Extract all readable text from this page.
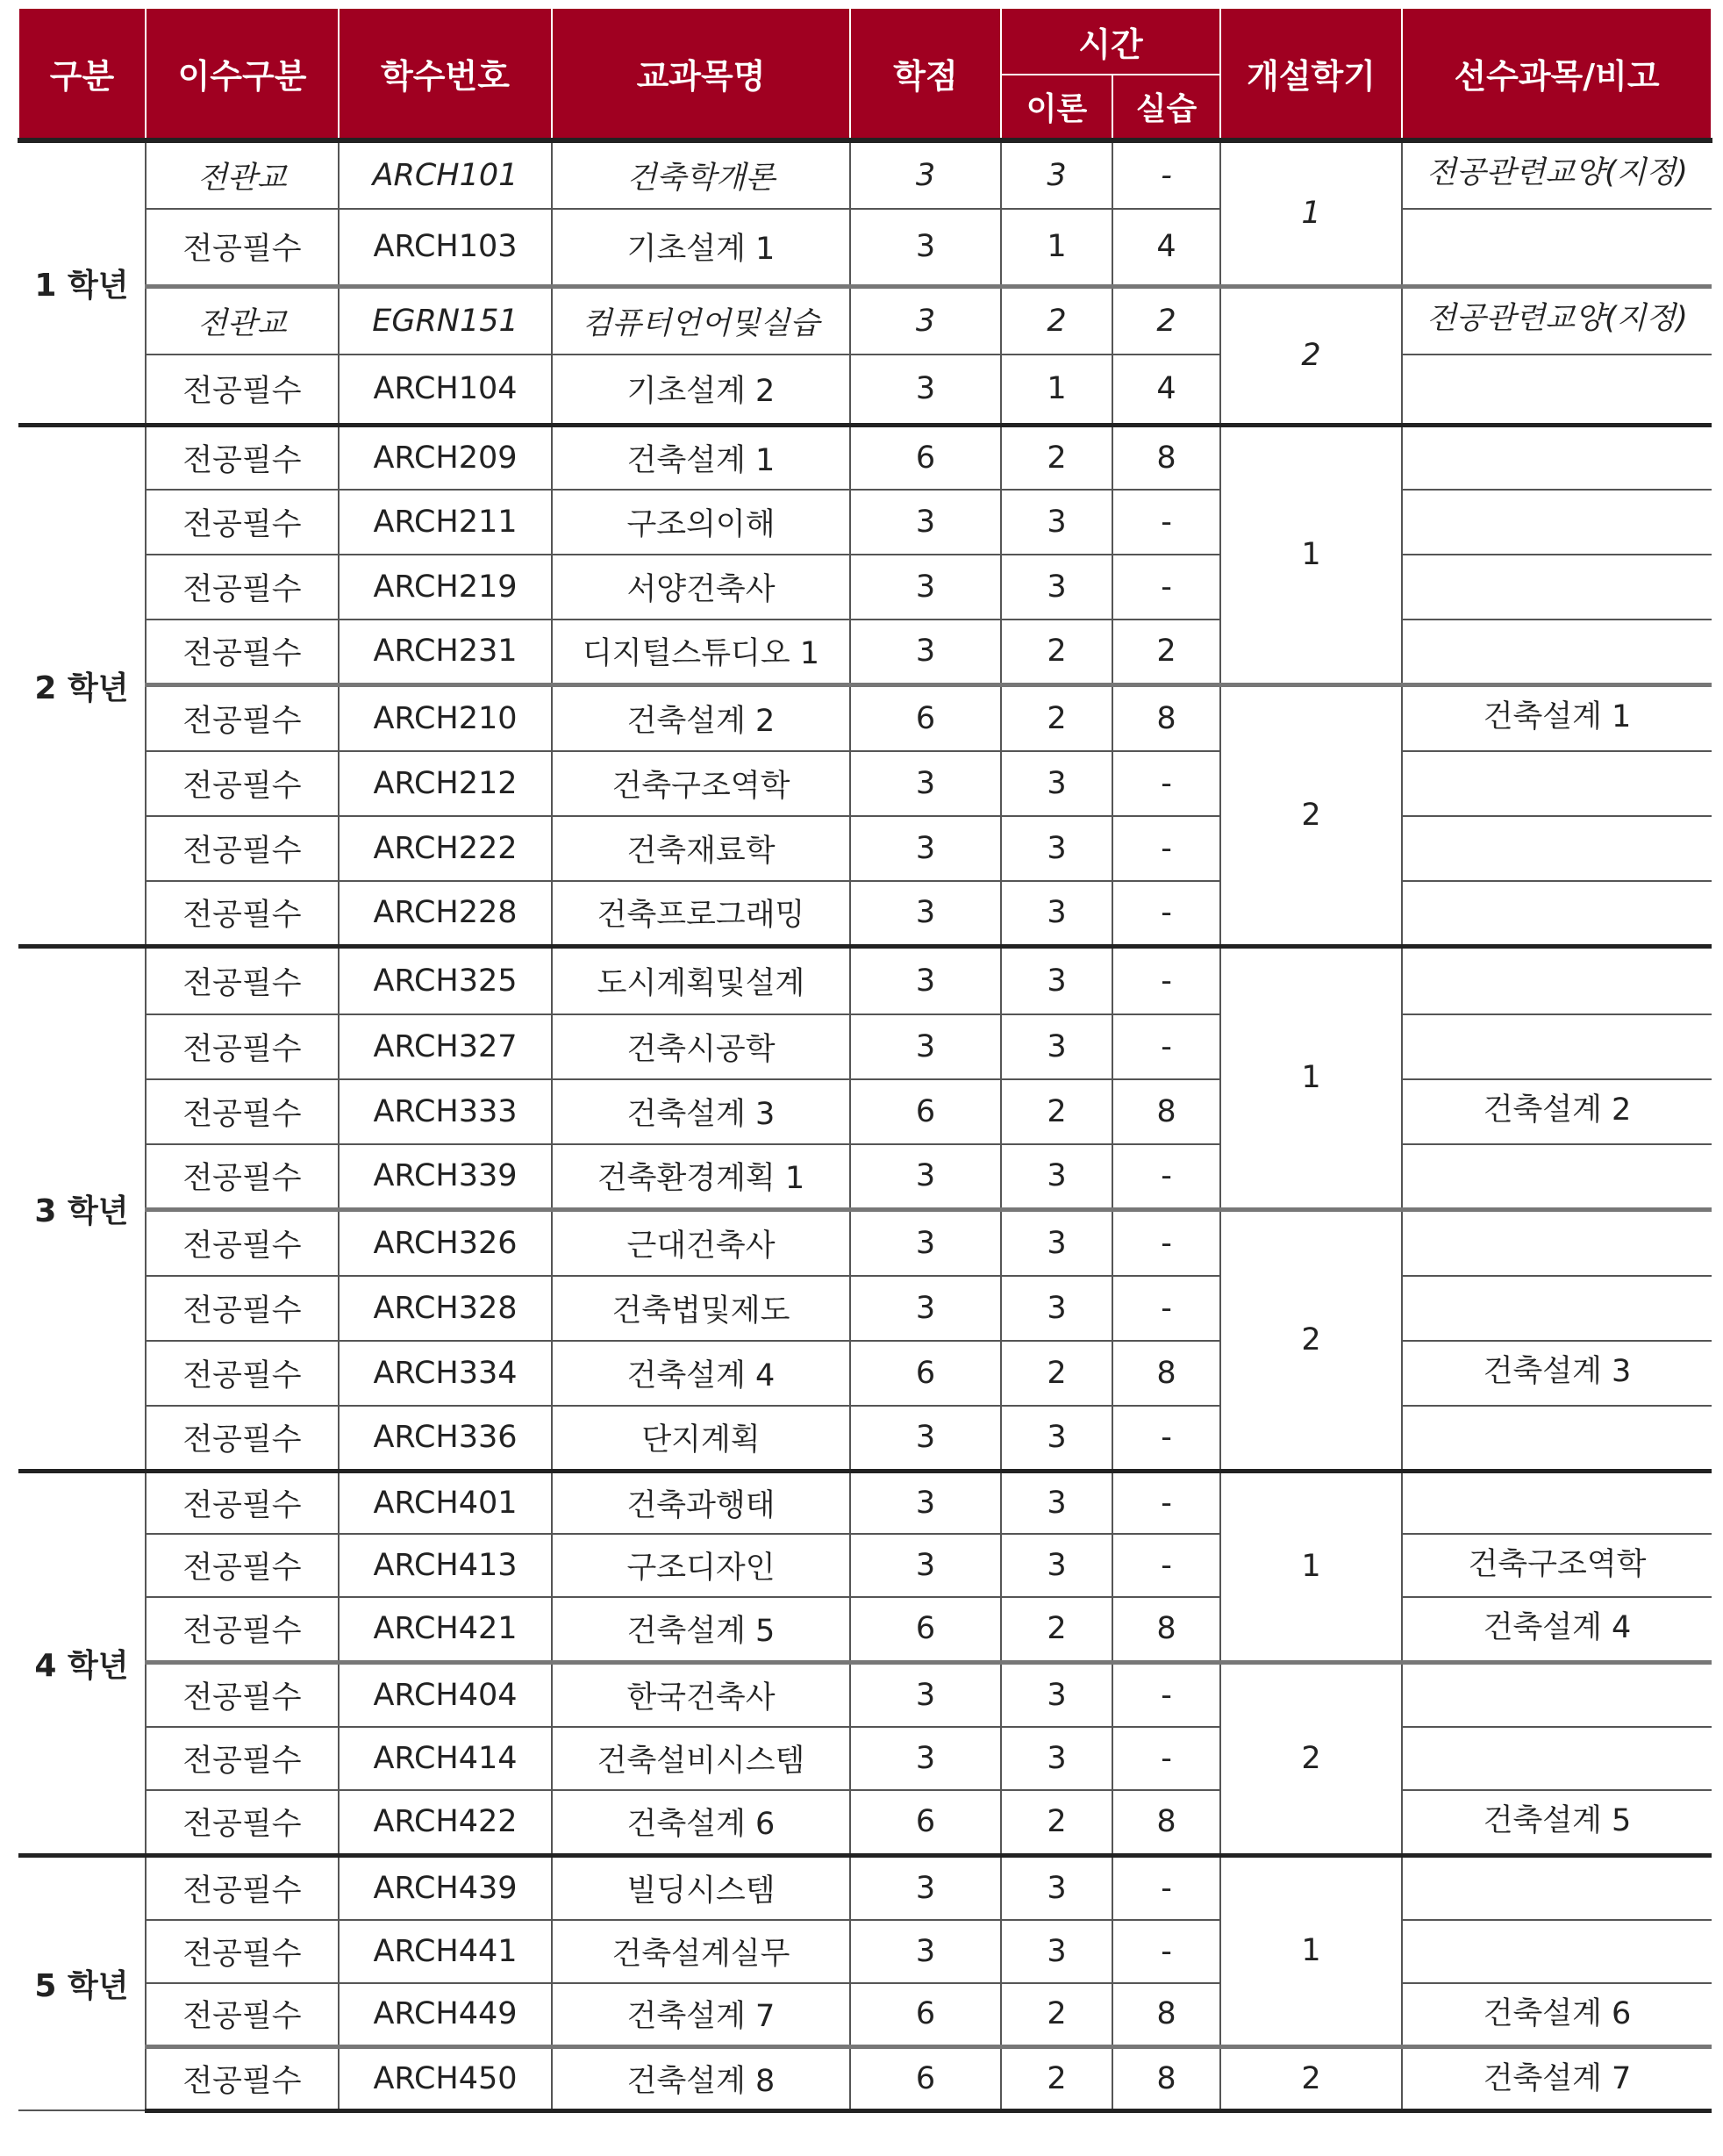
구분	이수구분	학수번호	교과목명	학점	시간		개설학기	선수과목/비고
					이론	실습		
1 학년	전관교	ARCH101	건축학개론	3	3	-	1	전공관련교양(지정)
	전공필수	ARCH103	기초설계 1	3	1	4		
	전관교	EGRN151	컴퓨터언어및실습	3	2	2	2	전공관련교양(지정)
	전공필수	ARCH104	기초설계 2	3	1	4		
2 학년	전공필수	ARCH209	건축설계 1	6	2	8	1	
	전공필수	ARCH211	구조의이해	3	3	-		
	전공필수	ARCH219	서양건축사	3	3	-		
	전공필수	ARCH231	디지털스튜디오 1	3	2	2		
	전공필수	ARCH210	건축설계 2	6	2	8	2	건축설계 1
	전공필수	ARCH212	건축구조역학	3	3	-		
	전공필수	ARCH222	건축재료학	3	3	-		
	전공필수	ARCH228	건축프로그래밍	3	3	-		
3 학년	전공필수	ARCH325	도시계획및설계	3	3	-	1	
	전공필수	ARCH327	건축시공학	3	3	-		
	전공필수	ARCH333	건축설계 3	6	2	8		건축설계 2
	전공필수	ARCH339	건축환경계획 1	3	3	-		
	전공필수	ARCH326	근대건축사	3	3	-	2	
	전공필수	ARCH328	건축법및제도	3	3	-		
	전공필수	ARCH334	건축설계 4	6	2	8		건축설계 3
	전공필수	ARCH336	단지계획	3	3	-		
4 학년	전공필수	ARCH401	건축과행태	3	3	-	1	
	전공필수	ARCH413	구조디자인	3	3	-		건축구조역학
	전공필수	ARCH421	건축설계 5	6	2	8		건축설계 4
	전공필수	ARCH404	한국건축사	3	3	-	2	
	전공필수	ARCH414	건축설비시스템	3	3	-		
	전공필수	ARCH422	건축설계 6	6	2	8		건축설계 5
5 학년	전공필수	ARCH439	빌딩시스템	3	3	-	1	
	전공필수	ARCH441	건축설계실무	3	3	-		
	전공필수	ARCH449	건축설계 7	6	2	8		건축설계 6
	전공필수	ARCH450	건축설계 8	6	2	8	2	건축설계 7
